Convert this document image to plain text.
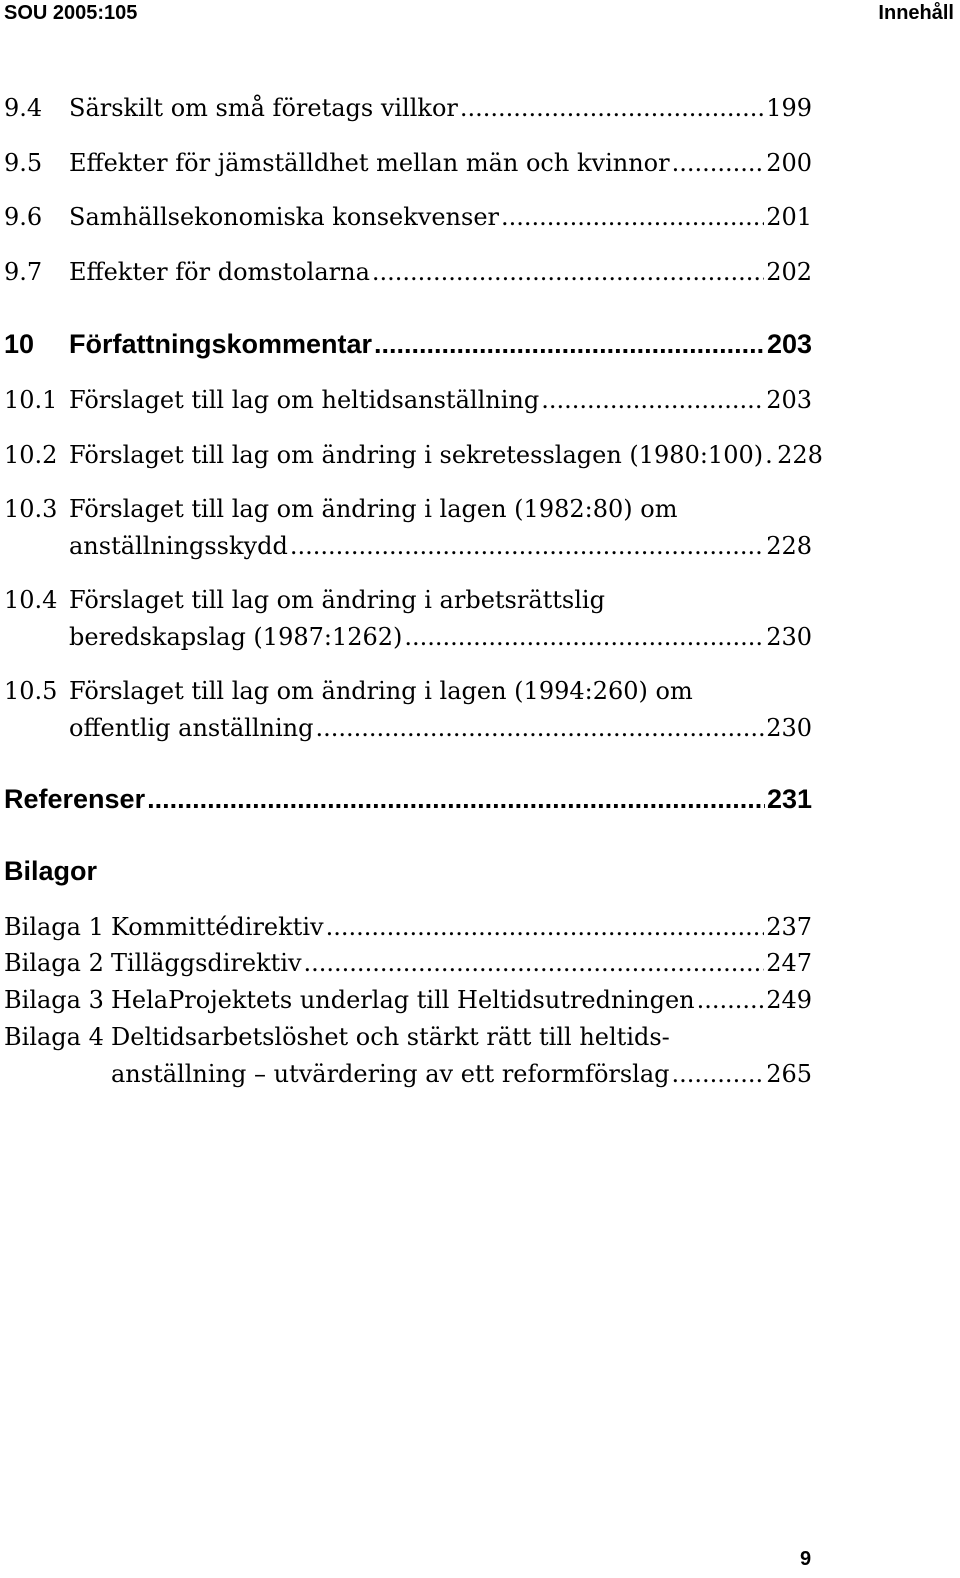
SOU 2005:105	Innehåll
9.4 Särskilt om små företags villkor .....	199
9.5 Effekter för jämställdhet mellan män och kvinnor .....	200
9.6 Samhällsekonomiska konsekvenser .....	201
9.7 Effekter för domstolarna .....	202
10 Författningskommentar .....	203
10.1 Förslaget till lag om heltidsanställning .....	203
10.2 Förslaget till lag om ändring i sekretesslagen (1980:100) ..... 228
10.3 Förslaget till lag om ändring i lagen (1982:80) om
anställningsskydd .....	228
10.4 Förslaget till lag om ändring i arbetsrättslig
beredskapslag (1987:1262) .....	230
10.5 Förslaget till lag om ändring i lagen (1994:260) om
offentlig anställning .....	230
Referenser .....	231
Bilagor
Bilaga 1 Kommittédirektiv .....	237
Bilaga 2 Tilläggsdirektiv .....	247
Bilaga 3 HelaProjektets underlag till Heltidsutredningen .....	249
Bilaga 4 Deltidsarbetslöshet och stärkt rätt till heltids-
anställning – utvärdering av ett reformförslag .....	265
9
